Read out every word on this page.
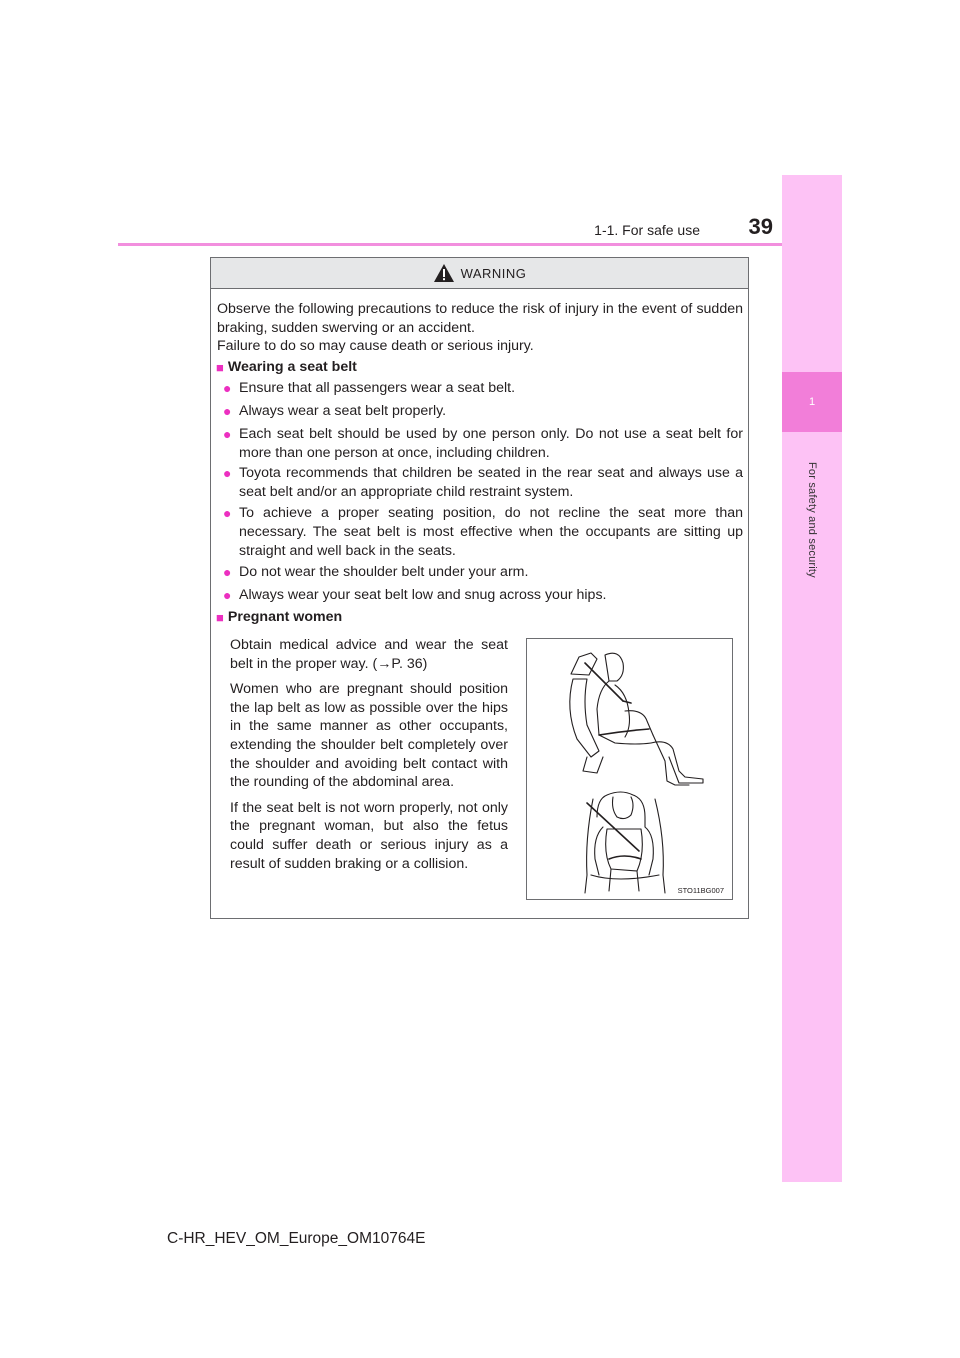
1
For safety and security
1-1. For safe use	39
WARNING

Observe the following precautions to reduce the risk of injury in the event of sudden braking, sudden swerving or an accident.

Failure to do so may cause death or serious injury.

■ Wearing a seat belt
● Ensure that all passengers wear a seat belt.
● Always wear a seat belt properly.
● Each seat belt should be used by one person only. Do not use a seat belt for more than one person at once, including children.
● Toyota recommends that children be seated in the rear seat and always use a seat belt and/or an appropriate child restraint system.
● To achieve a proper seating position, do not recline the seat more than necessary. The seat belt is most effective when the occupants are sitting up straight and well back in the seats.
● Do not wear the shoulder belt under your arm.
● Always wear your seat belt low and snug across your hips.
■ Pregnant women

Obtain medical advice and wear the seat belt in the proper way. (→P. 36)

Women who are pregnant should position the lap belt as low as possible over the hips in the same manner as other occupants, extending the shoulder belt completely over the shoulder and avoiding belt contact with the rounding of the abdominal area.

If the seat belt is not worn properly, not only the pregnant woman, but also the fetus could suffer death or serious injury as a result of sudden braking or a collision.

STO11BG007
C-HR_HEV_OM_Europe_OM10764E
